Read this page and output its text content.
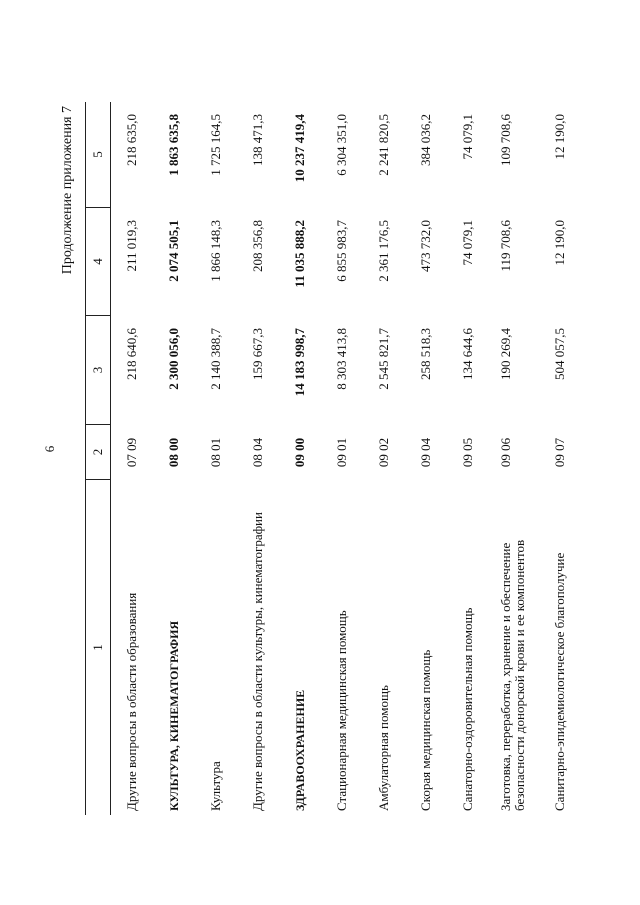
6
Продолжение приложения 7
1
2
3
4
5
Другие вопросы в области образования
07 09
218 640,6
211 019,3
218 635,0
КУЛЬТУРА, КИНЕМАТОГРАФИЯ
08 00
2 300 056,0
2 074 505,1
1 863 635,8
Культура
08 01
2 140 388,7
1 866 148,3
1 725 164,5
Другие вопросы в области культуры, кинематографии
08 04
159 667,3
208 356,8
138 471,3
ЗДРАВООХРАНЕНИЕ
09 00
14 183 998,7
11 035 888,2
10 237 419,4
Стационарная медицинская помощь
09 01
8 303 413,8
6 855 983,7
6 304 351,0
Амбулаторная помощь
09 02
2 545 821,7
2 361 176,5
2 241 820,5
Скорая медицинская помощь
09 04
258 518,3
473 732,0
384 036,2
Санаторно-оздоровительная помощь
09 05
134 644,6
74 079,1
74 079,1
Заготовка, переработка, хранение и обеспечение безопасности донорской крови и ее компонентов
09 06
190 269,4
119 708,6
109 708,6
Санитарно-эпидемиологическое благополучие
09 07
504 057,5
12 190,0
12 190,0
